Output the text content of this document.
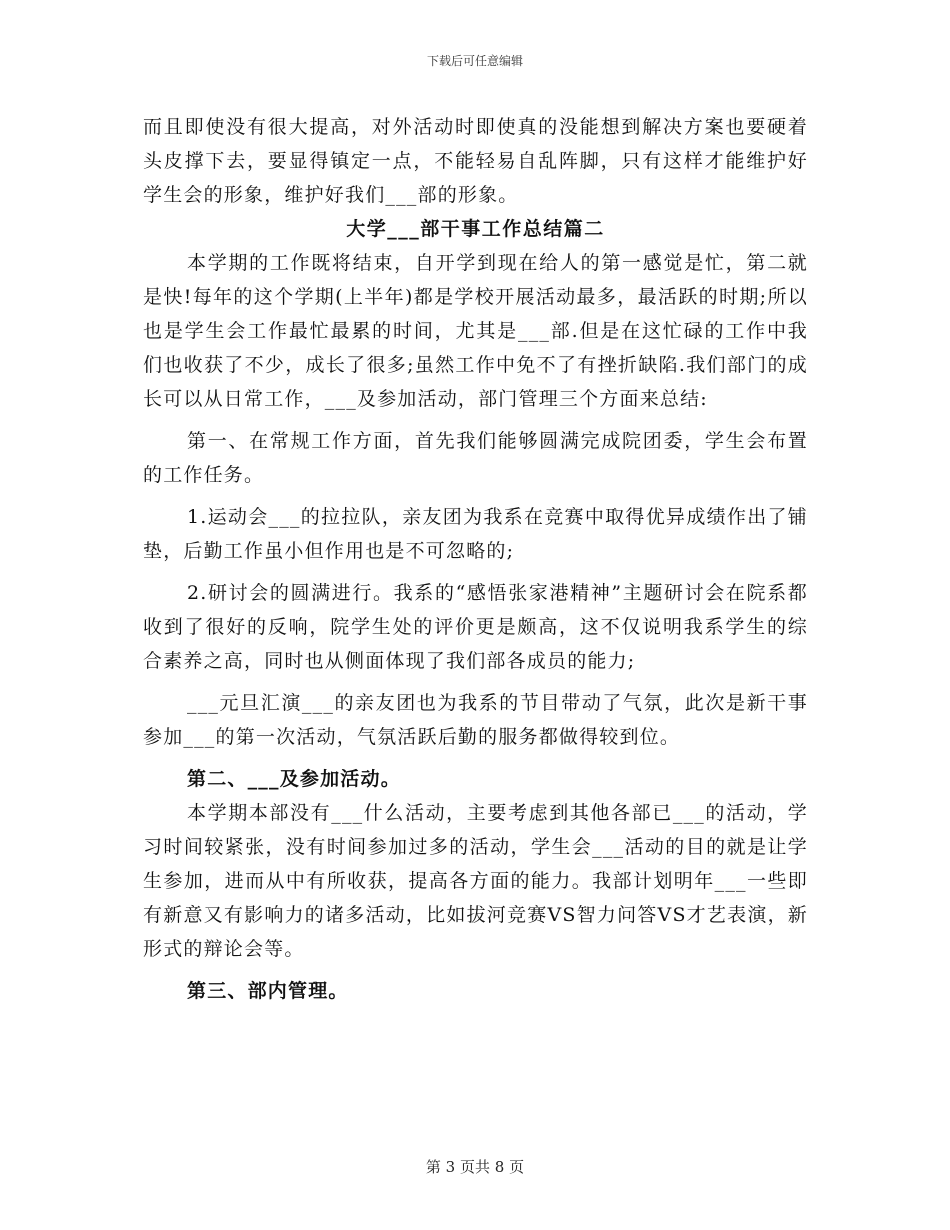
下载后可任意编辑

而且即使没有很大提高，对外活动时即使真的没能想到解决方案也要硬着头皮撑下去，要显得镇定一点，不能轻易自乱阵脚，只有这样才能维护好学生会的形象，维护好我们___部的形象。

大学___部干事工作总结篇二

本学期的工作既将结束，自开学到现在给人的第一感觉是忙，第二就是快!每年的这个学期(上半年)都是学校开展活动最多，最活跃的时期;所以也是学生会工作最忙最累的时间，尤其是___部.但是在这忙碌的工作中我们也收获了不少，成长了很多;虽然工作中免不了有挫折缺陷.我们部门的成长可以从日常工作，___及参加活动，部门管理三个方面来总结:

第一、在常规工作方面，首先我们能够圆满完成院团委，学生会布置的工作任务。

1.运动会___的拉拉队，亲友团为我系在竞赛中取得优异成绩作出了铺垫，后勤工作虽小但作用也是不可忽略的;

2.研讨会的圆满进行。我系的“感悟张家港精神”主题研讨会在院系都收到了很好的反响，院学生处的评价更是颇高，这不仅说明我系学生的综合素养之高，同时也从侧面体现了我们部各成员的能力;

___元旦汇演___的亲友团也为我系的节目带动了气氛，此次是新干事参加___的第一次活动，气氛活跃后勤的服务都做得较到位。

第二、___及参加活动。

本学期本部没有___什么活动，主要考虑到其他各部已___的活动，学习时间较紧张，没有时间参加过多的活动，学生会___活动的目的就是让学生参加，进而从中有所收获，提高各方面的能力。我部计划明年___一些即有新意又有影响力的诸多活动，比如拔河竞赛VS智力问答VS才艺表演，新形式的辩论会等。

第三、部内管理。

第 3 页共 8 页
